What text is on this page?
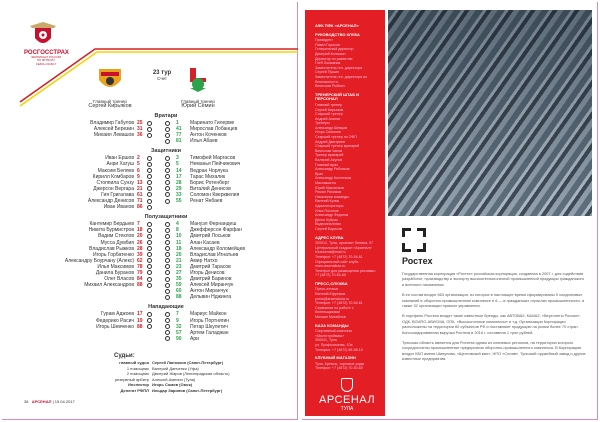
РОСГОССТРАХ
ЧЕМПИОНАТ РОССИИ
ПО ФУТБОЛУ
СЕЗОН 2016/17
Главный тренер
Сергей Кирьяков
23 тур
Счет
Главный тренер
Юрий Семин
Вратари
Владимир Габулов 25	1	Маринато Гилерме
Алексей Березин 31	41	Мирослав Лобанцев
Михаил Левашов 36	77	Антон Коченков
81	Илья Абаев
Защитники
Иван Ершов 2	3	Тимофей Маргасов
Анри Хагуш 5	5	Неманья Пейчинович
Максим Беляев 6	14	Ведран Чорлука
Кирилл Комбаров 9	17	Тарас Михалик
Стоппила Сунзу 13	28	Борис Ротенберг
Джерсон Вергара 21	29	Виталий Денисов
Гия Григалава 61	33	Соломон Кверквелия
Александр Денисов 71	55	Ренат Янбаев
Иван Иванов 86
Полузащитники
Кантемир Бердыев 7	4	Мануэл Фернандеш
Никита Бурмистров 18	8	Джефферсон Фарфан
Вадим Стеклов 20	10	Дмитрий Лоськов
Мусса Думбия 26	11	Алан Касаев
Владислав Рыжков 28	18	Александр Коломейцев
Игорь Горбатенко 39	20	Владислав Игнатьев
Александру Боурчану (Алекс) 62	21	Амир Натхо
Илья Максимов 78	23	Дмитрий Тарасов
Данила Буранов 79	27	Игорь Денисов
Олег Власов 84	35	Дмитрий Баринов
Михаил Александров 88	59	Алексей Миранчук
60	Антон Миранчук
88	Дельвин Нджинга
Нападающие
Гурам Аджоев 17	7	Мариус Майкон
Федерико Расич 19	9	Игорь Портнягин
Игорь Шевченко 88	32	Петар Шкулетич
57	Артем Галаджан
90	Ари
Судьи:
главный судья Сергей Лапочкин (Санкт-Петербург)
1 помощник Валерий Данченко (Уфа)
2 помощник Дмитрий Жаров (Ленинградская область)
резервный арбитр Алексей Амелин (Тула)
Инспектор Игорь Сомов (Омск)
Делегат РФПЛ Ильдар Зарипов (Санкт-Петербург)
38 АРСЕНАЛ | 15.04.2017
АФК ПФК «АРСЕНАЛ»
РУКОВОДСТВО КЛУБА
Президент
Павел Горохов
Генеральный директор
Дмитрий Коляшин
Директор по развитию
Глеб Лохманов
Заместитель ген. директора
Сергей Пушин
Заместитель ген. директора по безопасности
Вячеслав Рыбкин
ТРЕНЕРСКИЙ ШТАБ И ПЕРСОНАЛ
Главный тренер
Сергей Кирьяков
Старший тренер
Андрей Агапов
Тренеры
Александр Шевцов
Игорь Симонов
Старший тренер по ОФП
Андрей Дмитриев
Старший тренер вратарей
Вячеслав Чанов
Тренер вратарей
Валерий Акулов
Главный врач
Александр Рябчиков
Врач
Александр Костенков
Массажисты
Юрий Марченков
Роман Рахимов
Начальник команды
Евгений Кулик
Администраторы
Илья Посохов
Александр Федотов
Денис Кубрак
Видеоаналитик
Сергей Борисов
АДРЕС КЛУБА
300012, Тула, проспект Ленина, 97
Центральный стадион «Арсенал»
fckarsenal@mail.ru
Телефон: +7 (4872) 70-54-61
Официальный сайт клуба
www.arsenaltula.ru
Телефон для размещения рекламы: +7 (4872) 70-54-60
ПРЕСС-СЛУЖБА
Пресс-атташе
Евгений Ефремов
press@arsenaltula.ru
Телефон: +7 (4872) 70-54-61
Сервисная по работе с болельщиками
Михаил Михайлов
БАЗА КОМАНДЫ
Спортивный комплекс «Мостстроймаш»
300041, Тула
ул. Профсоюзная, 10а
Телефон: +7 (4872) 56-68-10
КЛУБНЫЙ МАГАЗИН
Тула, Кремль, торговые ряды
Телефон: +7 (4872) 70-50-60
АРСЕНАЛ
ТУЛА
Ростех

Государственная корпорация «Ростех» российская корпорация, созданная в 2007 г. для содействия разработке, производству и экспорту высокотехнологичной промышленной продукции гражданского и военного назначения.

В ее состав входят 663 организации, из которых в настоящее время сформированы 9 холдинговых компаний в оборонно-промышленном комплексе и 6 — в гражданских отраслях промышленности, а также 32 организации прямого управления.

В портфель Ростеха входят такие известные бренды, как АВТОВАЗ, КАМАЗ, «Вертолеты России», ОДК, ВСМПО-АВИСМА, ОПК, «Высокоточные комплексы» и т.д. Организации Корпорации расположены на территории 60 субъектов РФ и поставляют продукцию на рынки более 70 стран. Консолидированная выручка Ростеха в 2016 г. составила 1 трлн рублей.

Тульская область является для Ростеха одним из ключевых регионов, на территории которого сосредоточены промышленные предприятия оборонно-промышленного комплекса. В Корпорацию входят КБП имени Шипунова, «Щегловский вал», НПО «Сплав», Тульский оружейный завод и другие известные предприятия.
